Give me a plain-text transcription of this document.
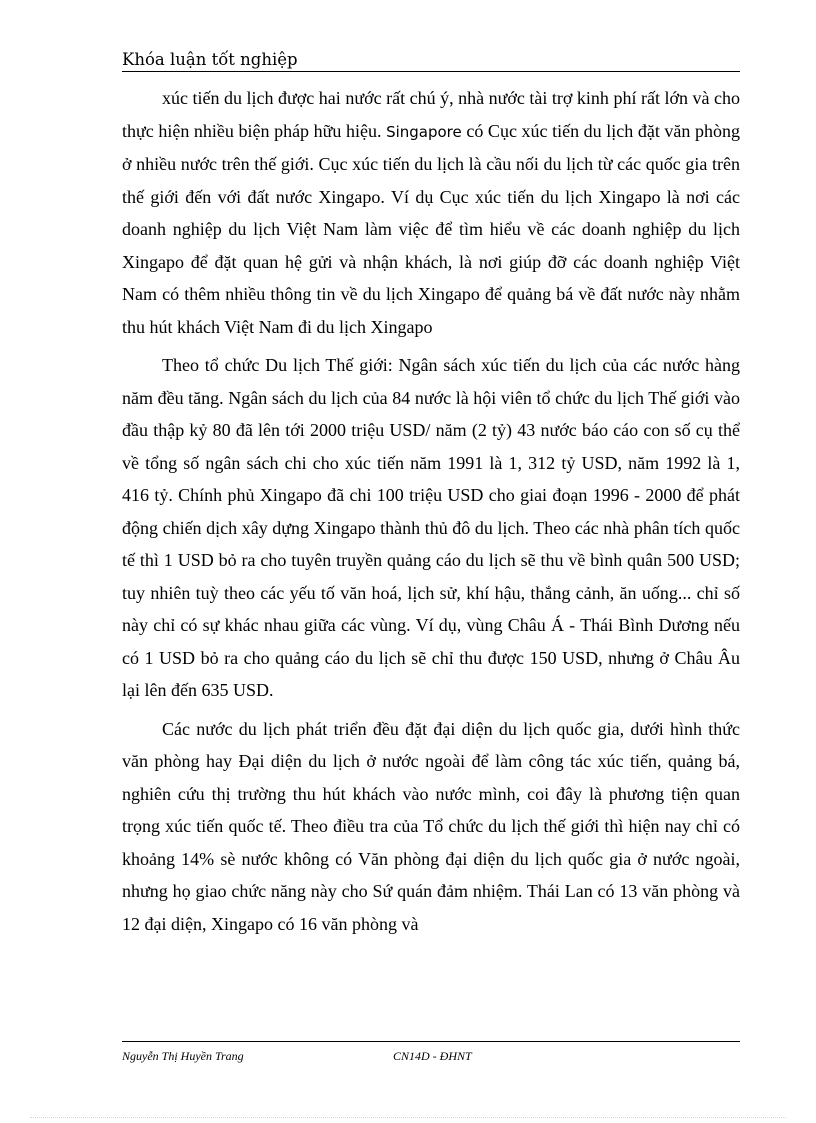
Khóa luận tốt nghiệp

xúc tiến du lịch được hai nước rất chú ý, nhà nước tài trợ kinh phí rất lớn và cho thực hiện nhiều biện pháp hữu hiệu. Singapore có Cục xúc tiến du lịch đặt văn phòng ở nhiều nước trên thế giới. Cục xúc tiến du lịch là cầu nối du lịch từ các quốc gia trên thế giới đến với đất nước Xingapo. Ví dụ Cục xúc tiến du lịch Xingapo là nơi các doanh nghiệp du lịch Việt Nam làm việc để tìm hiểu về các doanh nghiệp du lịch Xingapo để đặt quan hệ gửi và nhận khách, là nơi giúp đỡ các doanh nghiệp Việt Nam có thêm nhiều thông tin về du lịch Xingapo để quảng bá về đất nước này nhằm thu hút khách Việt Nam đi du lịch Xingapo

Theo tổ chức Du lịch Thế giới: Ngân sách xúc tiến du lịch của các nước hàng năm đều tăng. Ngân sách du lịch của 84 nước là hội viên tổ chức du lịch Thế giới vào đầu thập kỷ 80 đã lên tới 2000 triệu USD/ năm (2 tỷ) 43 nước báo cáo con số cụ thể về tổng số ngân sách chi cho xúc tiến năm 1991 là 1, 312 tỷ USD, năm 1992 là 1, 416 tỷ. Chính phủ Xingapo đã chi 100 triệu USD cho giai đoạn 1996 - 2000 để phát động chiến dịch xây dựng Xingapo thành thủ đô du lịch. Theo các nhà phân tích quốc tế thì 1 USD bỏ ra cho tuyên truyền quảng cáo du lịch sẽ thu về bình quân 500 USD; tuy nhiên tuỳ theo các yếu tố văn hoá, lịch sử, khí hậu, thắng cảnh, ăn uống... chỉ số này chỉ có sự khác nhau giữa các vùng. Ví dụ, vùng Châu Á - Thái Bình Dương nếu có 1 USD bỏ ra cho quảng cáo du lịch sẽ chỉ thu được 150 USD, nhưng ở Châu Âu lại lên đến 635 USD.

Các nước du lịch phát triển đều đặt đại diện du lịch quốc gia, dưới hình thức văn phòng hay Đại diện du lịch ở nước ngoài để làm công tác xúc tiến, quảng bá, nghiên cứu thị trường thu hút khách vào nước mình, coi đây là phương tiện quan trọng xúc tiến quốc tế. Theo điều tra của Tổ chức du lịch thế giới thì hiện nay chỉ có khoảng 14% sè nước không có Văn phòng đại diện du lịch quốc gia ở nước ngoài, nhưng họ giao chức năng này cho Sứ quán đảm nhiệm. Thái Lan có 13 văn phòng và 12 đại diện, Xingapo có 16 văn phòng và

Nguyễn Thị Huyền Trang	CN14D - ĐHNT
